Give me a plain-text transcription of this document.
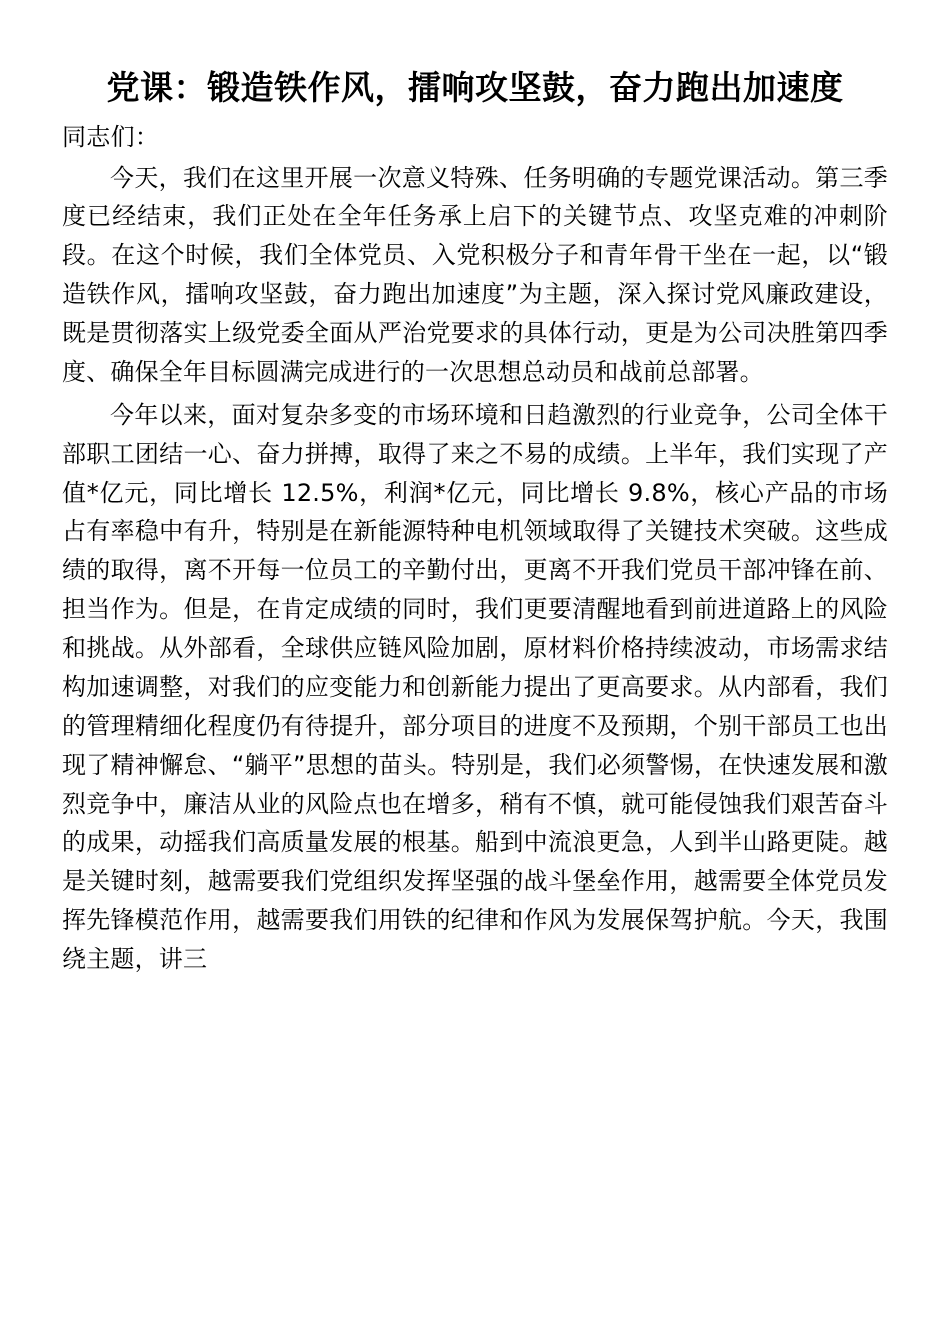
党课：锻造铁作风，擂响攻坚鼓，奋力跑出加速度
同志们：

今天，我们在这里开展一次意义特殊、任务明确的专题党课活动。第三季度已经结束，我们正处在全年任务承上启下的关键节点、攻坚克难的冲刺阶段。在这个时候，我们全体党员、入党积极分子和青年骨干坐在一起，以“锻造铁作风，擂响攻坚鼓，奋力跑出加速度”为主题，深入探讨党风廉政建设，既是贯彻落实上级党委全面从严治党要求的具体行动，更是为公司决胜第四季度、确保全年目标圆满完成进行的一次思想总动员和战前总部署。

今年以来，面对复杂多变的市场环境和日趋激烈的行业竞争，公司全体干部职工团结一心、奋力拼搏，取得了来之不易的成绩。上半年，我们实现了产值*亿元，同比增长 12.5%，利润*亿元，同比增长 9.8%，核心产品的市场占有率稳中有升，特别是在新能源特种电机领域取得了关键技术突破。这些成绩的取得，离不开每一位员工的辛勤付出，更离不开我们党员干部冲锋在前、担当作为。但是，在肯定成绩的同时，我们更要清醒地看到前进道路上的风险和挑战。从外部看，全球供应链风险加剧，原材料价格持续波动，市场需求结构加速调整，对我们的应变能力和创新能力提出了更高要求。从内部看，我们的管理精细化程度仍有待提升，部分项目的进度不及预期，个别干部员工也出现了精神懈怠、“躺平”思想的苗头。特别是，我们必须警惕，在快速发展和激烈竞争中，廉洁从业的风险点也在增多，稍有不慎，就可能侵蚀我们艰苦奋斗的成果，动摇我们高质量发展的根基。船到中流浪更急，人到半山路更陡。越是关键时刻，越需要我们党组织发挥坚强的战斗堡垒作用，越需要全体党员发挥先锋模范作用，越需要我们用铁的纪律和作风为发展保驾护航。今天，我围绕主题，讲三
